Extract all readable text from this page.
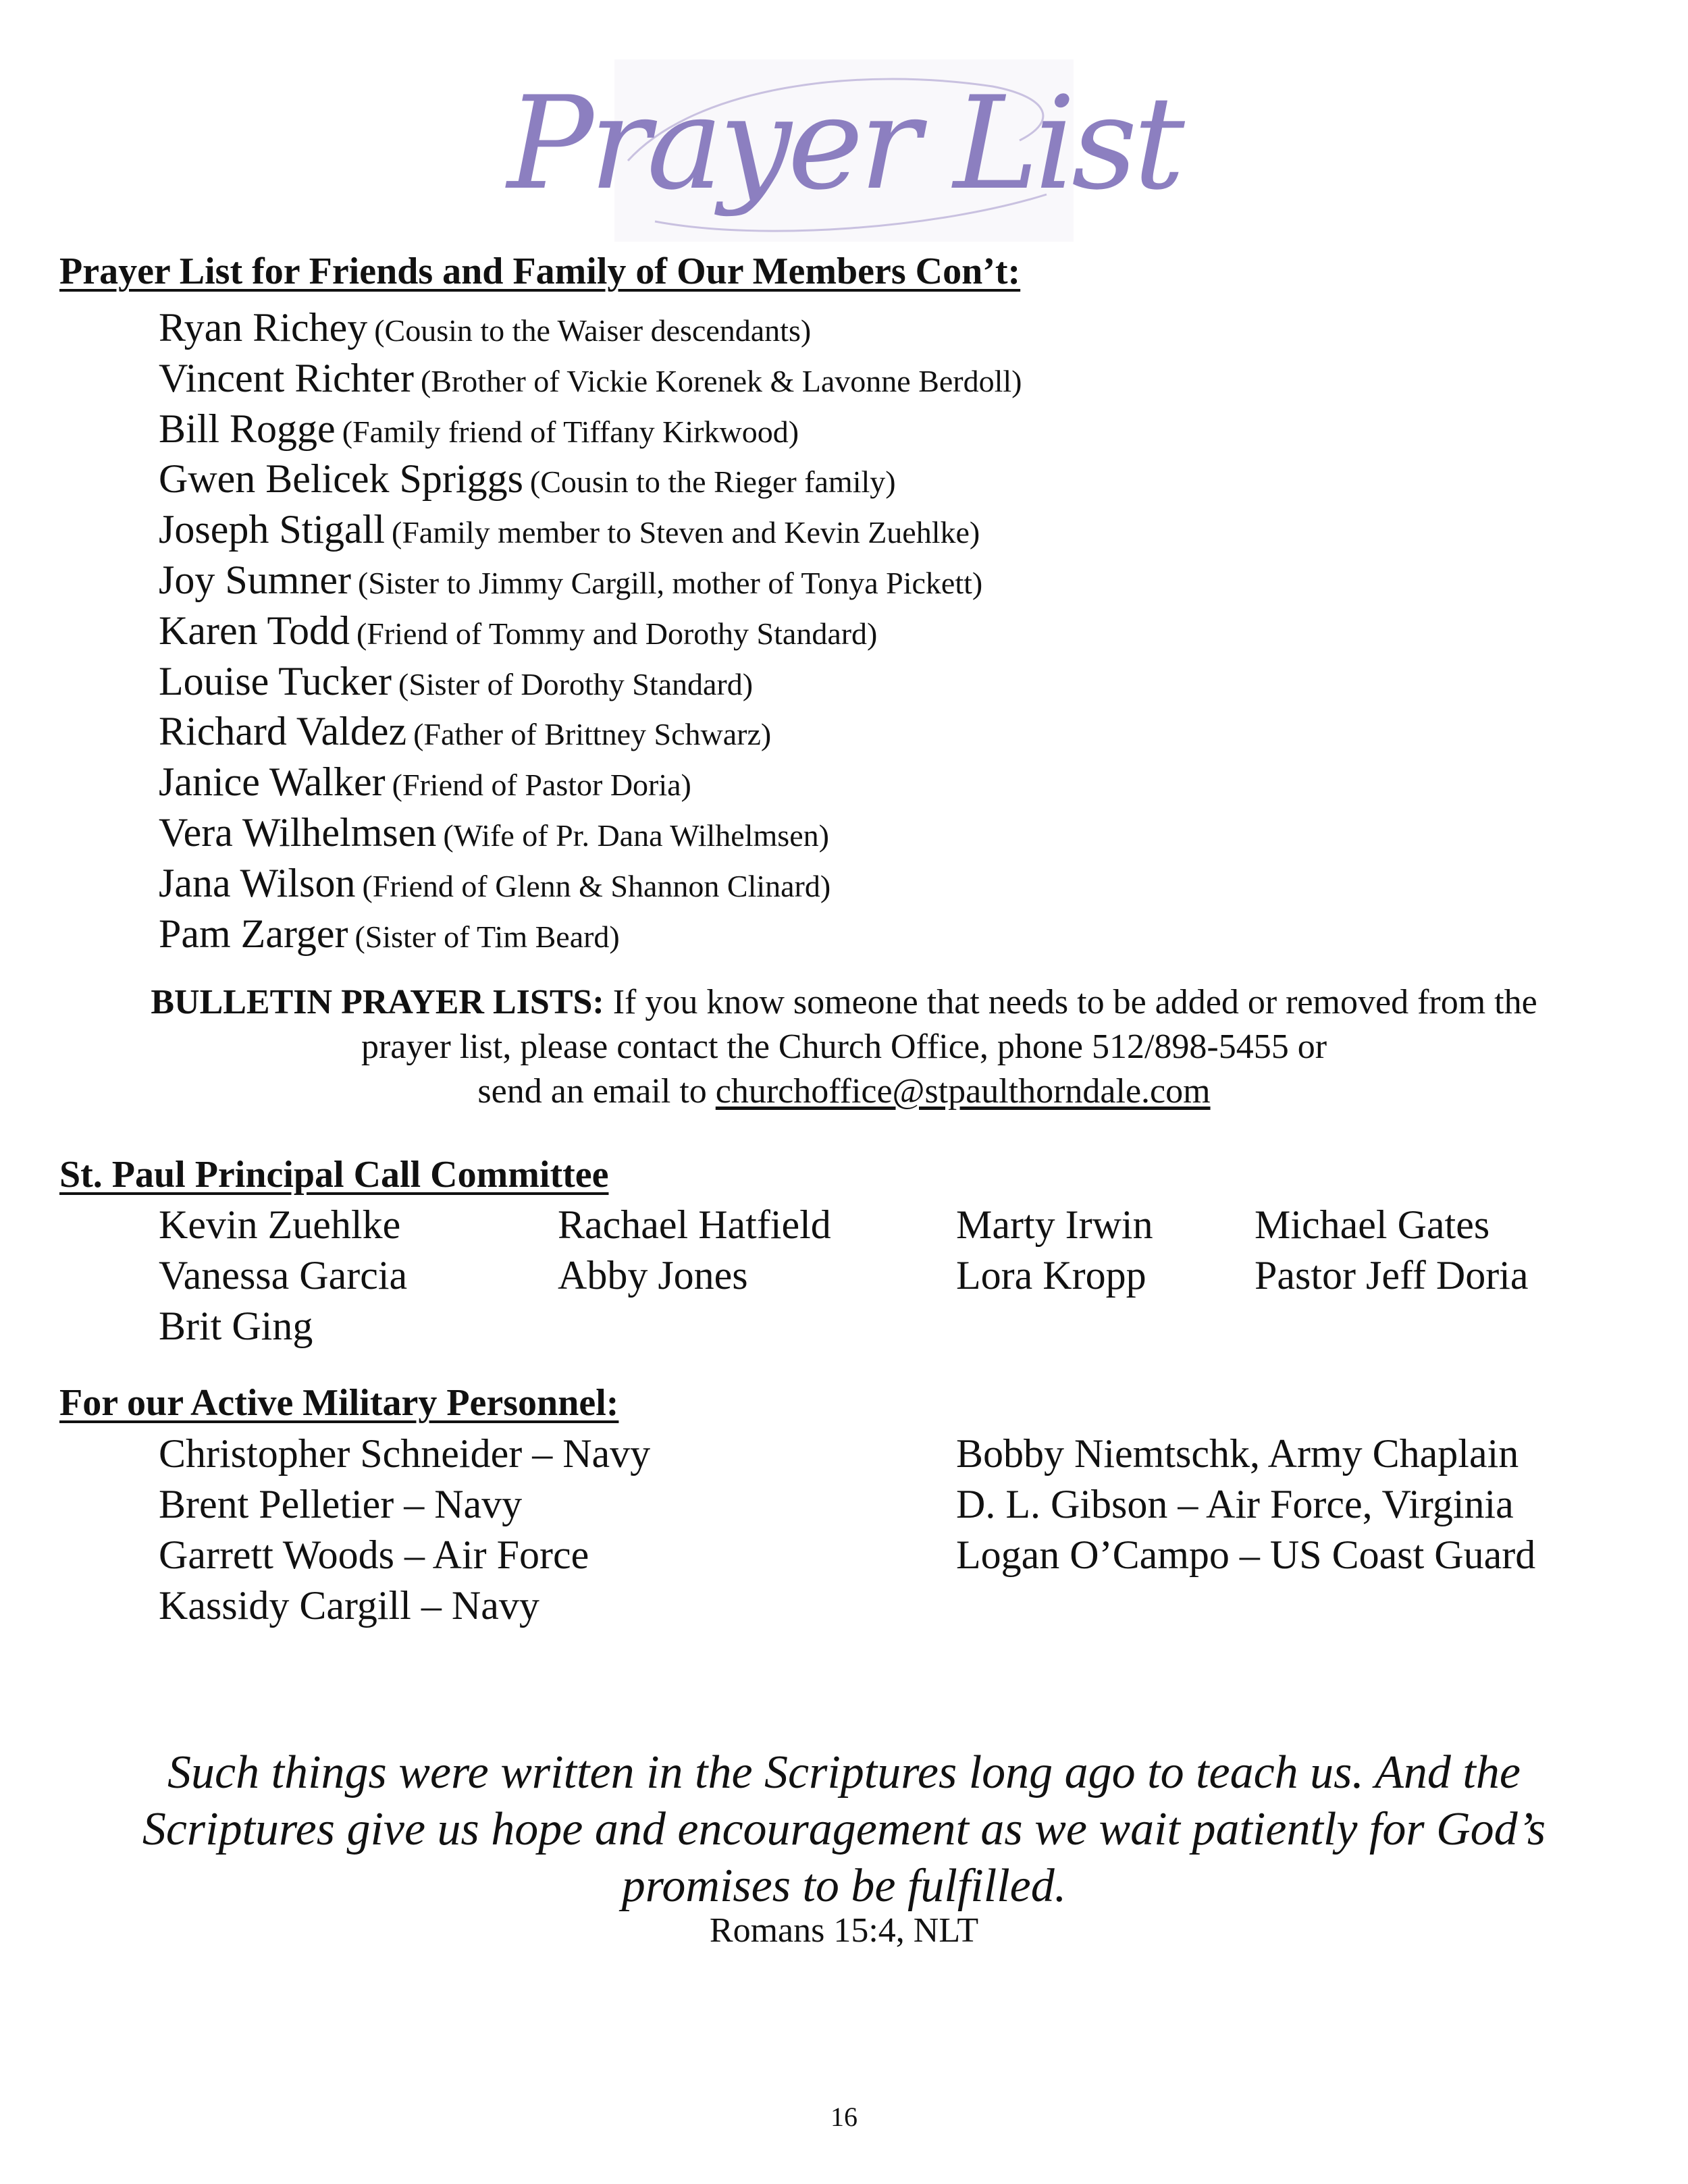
Prayer List
Prayer List for Friends and Family of Our Members Con’t:
Ryan Richey (Cousin to the Waiser descendants)
Vincent Richter (Brother of Vickie Korenek & Lavonne Berdoll)
Bill Rogge (Family friend of Tiffany Kirkwood)
Gwen Belicek Spriggs (Cousin to the Rieger family)
Joseph Stigall (Family member to Steven and Kevin Zuehlke)
Joy Sumner (Sister to Jimmy Cargill, mother of Tonya Pickett)
Karen Todd (Friend of Tommy and Dorothy Standard)
Louise Tucker (Sister of Dorothy Standard)
Richard Valdez (Father of Brittney Schwarz)
Janice Walker (Friend of Pastor Doria)
Vera Wilhelmsen (Wife of Pr. Dana Wilhelmsen)
Jana Wilson (Friend of Glenn & Shannon Clinard)
Pam Zarger (Sister of Tim Beard)
BULLETIN PRAYER LISTS: If you know someone that needs to be added or removed from the
prayer list, please contact the Church Office, phone 512/898-5455 or
send an email to churchoffice@stpaulthorndale.com
St. Paul Principal Call Committee
Kevin Zuehlke
Vanessa Garcia
Brit Ging
Rachael Hatfield
Abby Jones
Marty Irwin
Lora Kropp
Michael Gates
Pastor Jeff Doria
For our Active Military Personnel:
Christopher Schneider – Navy
Brent Pelletier – Navy
Garrett Woods – Air Force
Kassidy Cargill – Navy
Bobby Niemtschk, Army Chaplain
D. L. Gibson – Air Force, Virginia
Logan O’Campo – US Coast Guard
Such things were written in the Scriptures long ago to teach us. And the
Scriptures give us hope and encouragement as we wait patiently for God’s
promises to be fulfilled.
Romans 15:4, NLT
16
